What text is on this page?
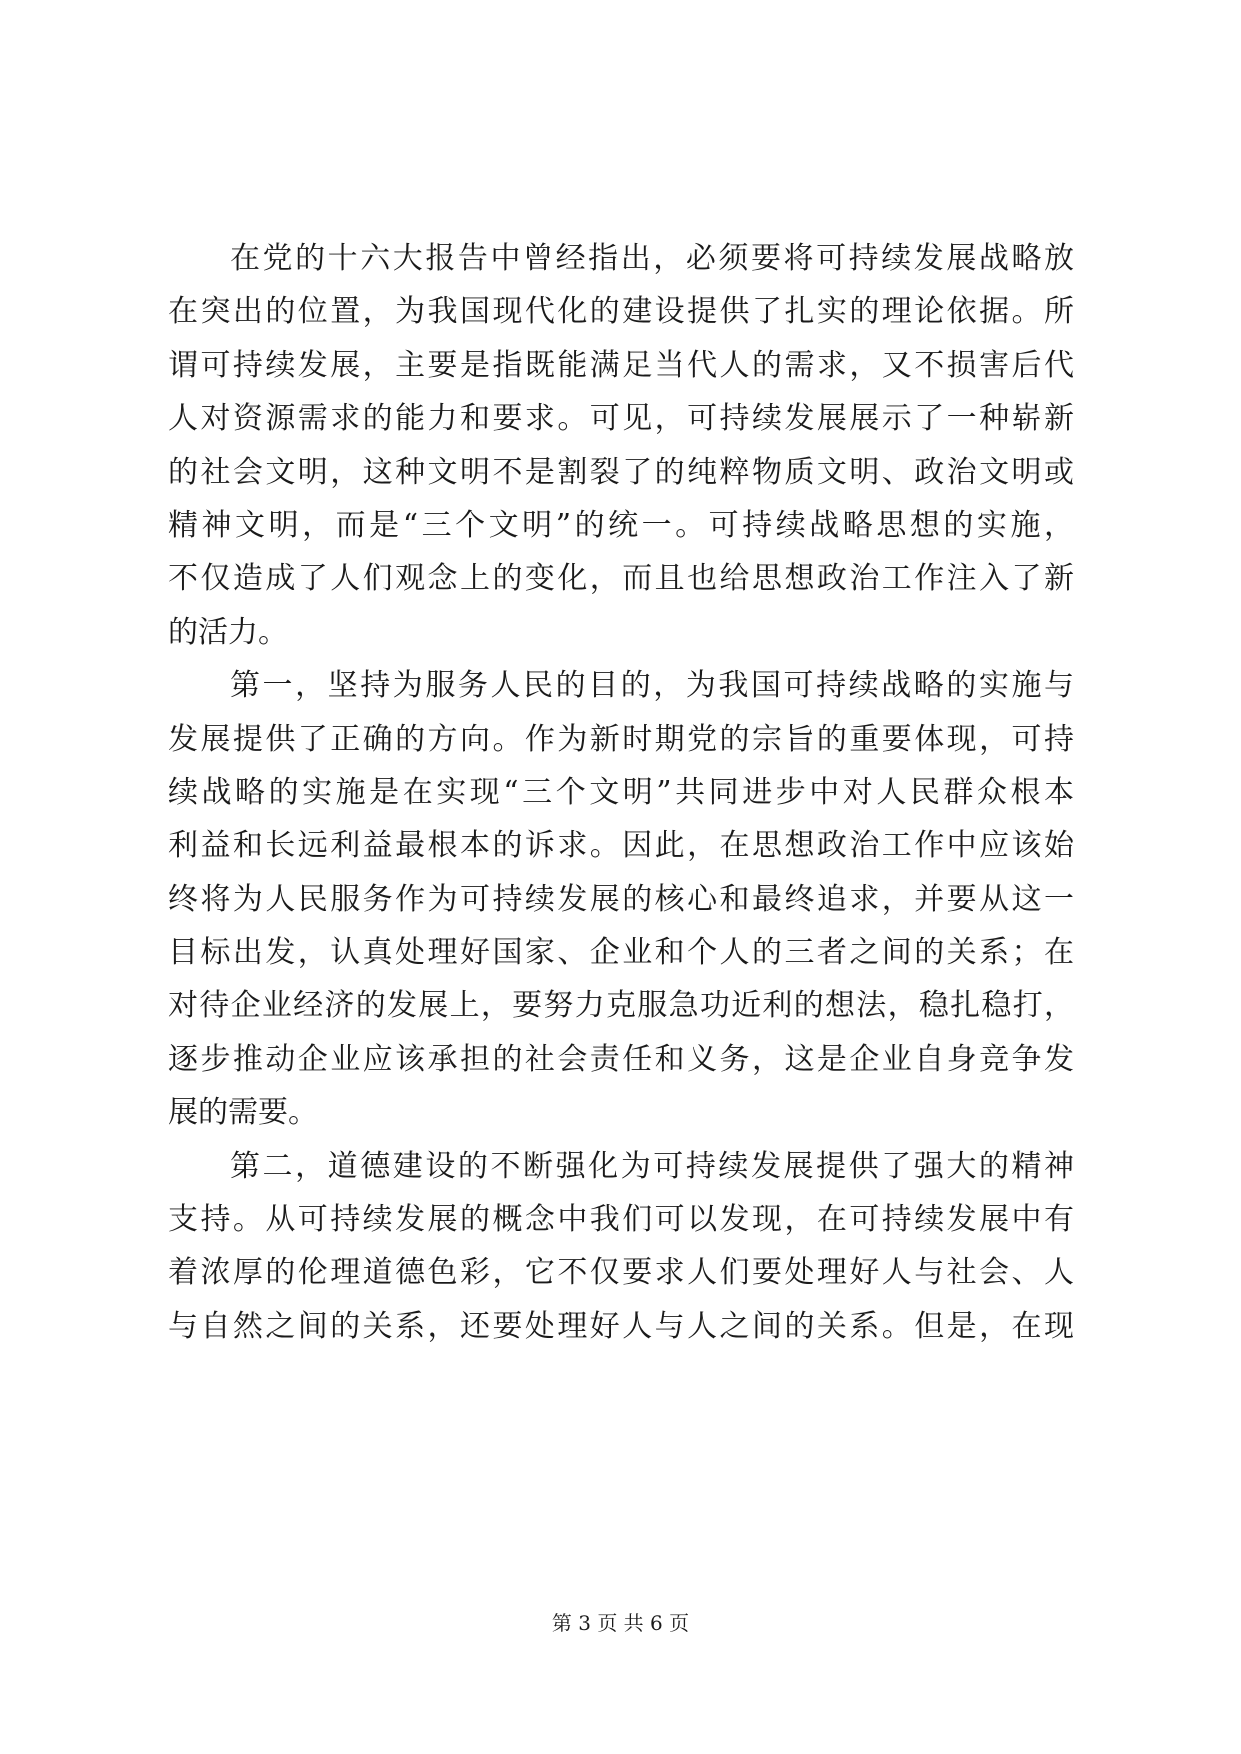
在党的十六大报告中曾经指出，必须要将可持续发展战略放
在突出的位置，为我国现代化的建设提供了扎实的理论依据。所
谓可持续发展，主要是指既能满足当代人的需求，又不损害后代
人对资源需求的能力和要求。可见，可持续发展展示了一种崭新
的社会文明，这种文明不是割裂了的纯粹物质文明、政治文明或
精神文明，而是“三个文明”的统一。可持续战略思想的实施，
不仅造成了人们观念上的变化，而且也给思想政治工作注入了新
的活力。
第一，坚持为服务人民的目的，为我国可持续战略的实施与
发展提供了正确的方向。作为新时期党的宗旨的重要体现，可持
续战略的实施是在实现“三个文明”共同进步中对人民群众根本
利益和长远利益最根本的诉求。因此，在思想政治工作中应该始
终将为人民服务作为可持续发展的核心和最终追求，并要从这一
目标出发，认真处理好国家、企业和个人的三者之间的关系；在
对待企业经济的发展上，要努力克服急功近利的想法，稳扎稳打，
逐步推动企业应该承担的社会责任和义务，这是企业自身竞争发
展的需要。
第二，道德建设的不断强化为可持续发展提供了强大的精神
支持。从可持续发展的概念中我们可以发现，在可持续发展中有
着浓厚的伦理道德色彩，它不仅要求人们要处理好人与社会、人
与自然之间的关系，还要处理好人与人之间的关系。但是，在现
第 3 页 共 6 页
